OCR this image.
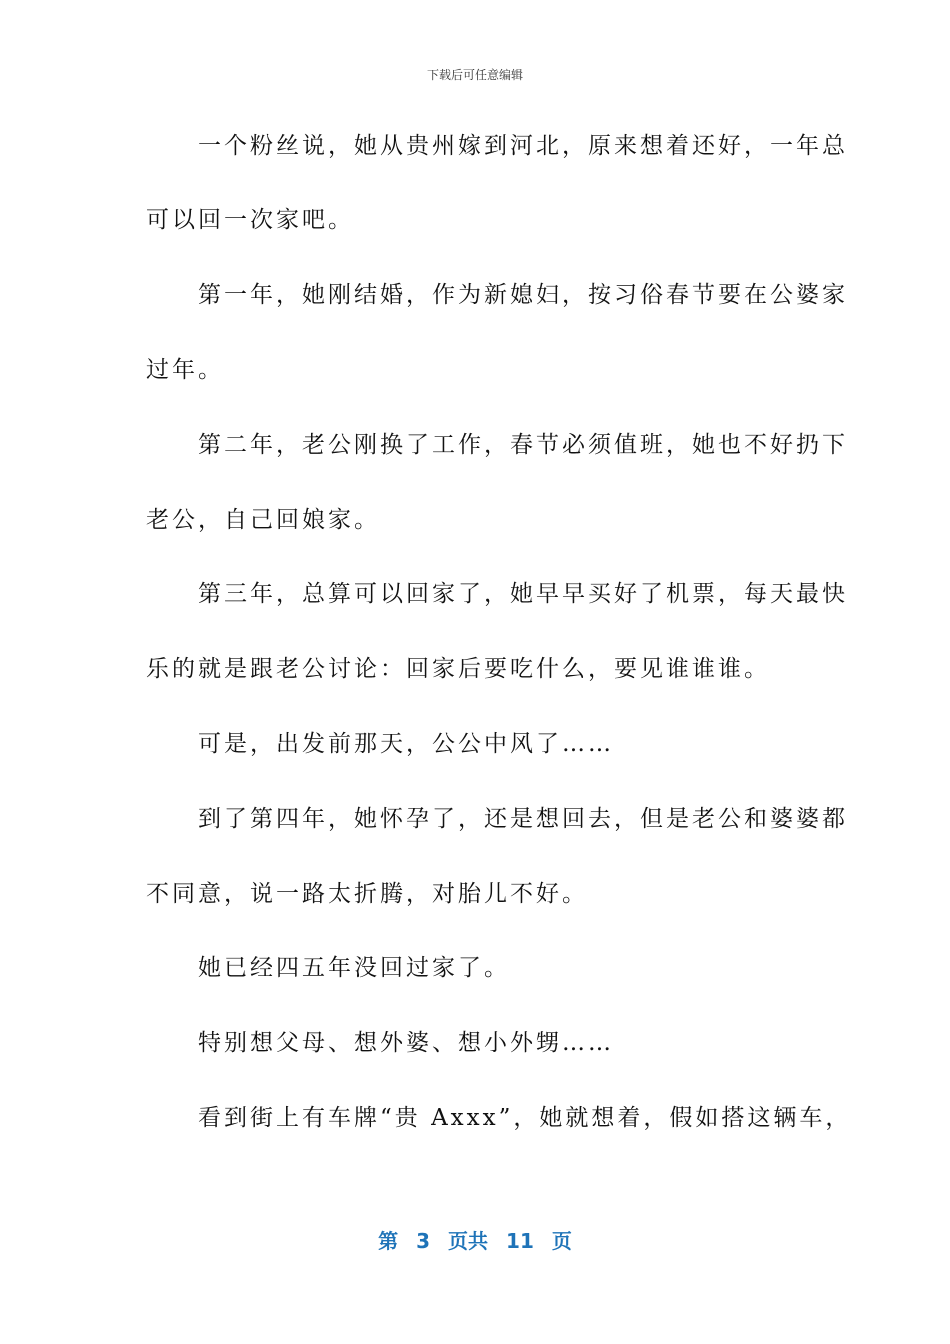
下载后可任意编辑
　　一个粉丝说，她从贵州嫁到河北，原来想着还好，一年总
可以回一次家吧。
　　第一年，她刚结婚，作为新媳妇，按习俗春节要在公婆家
过年。
　　第二年，老公刚换了工作，春节必须值班，她也不好扔下
老公，自己回娘家。
　　第三年，总算可以回家了，她早早买好了机票，每天最快
乐的就是跟老公讨论：回家后要吃什么，要见谁谁谁。
　　可是，出发前那天，公公中风了……
　　到了第四年，她怀孕了，还是想回去，但是老公和婆婆都
不同意，说一路太折腾，对胎儿不好。
　　她已经四五年没回过家了。
　　特别想父母、想外婆、想小外甥……
　　看到街上有车牌“贵 Axxx”，她就想着，假如搭这辆车，
第 3 页共 11 页
